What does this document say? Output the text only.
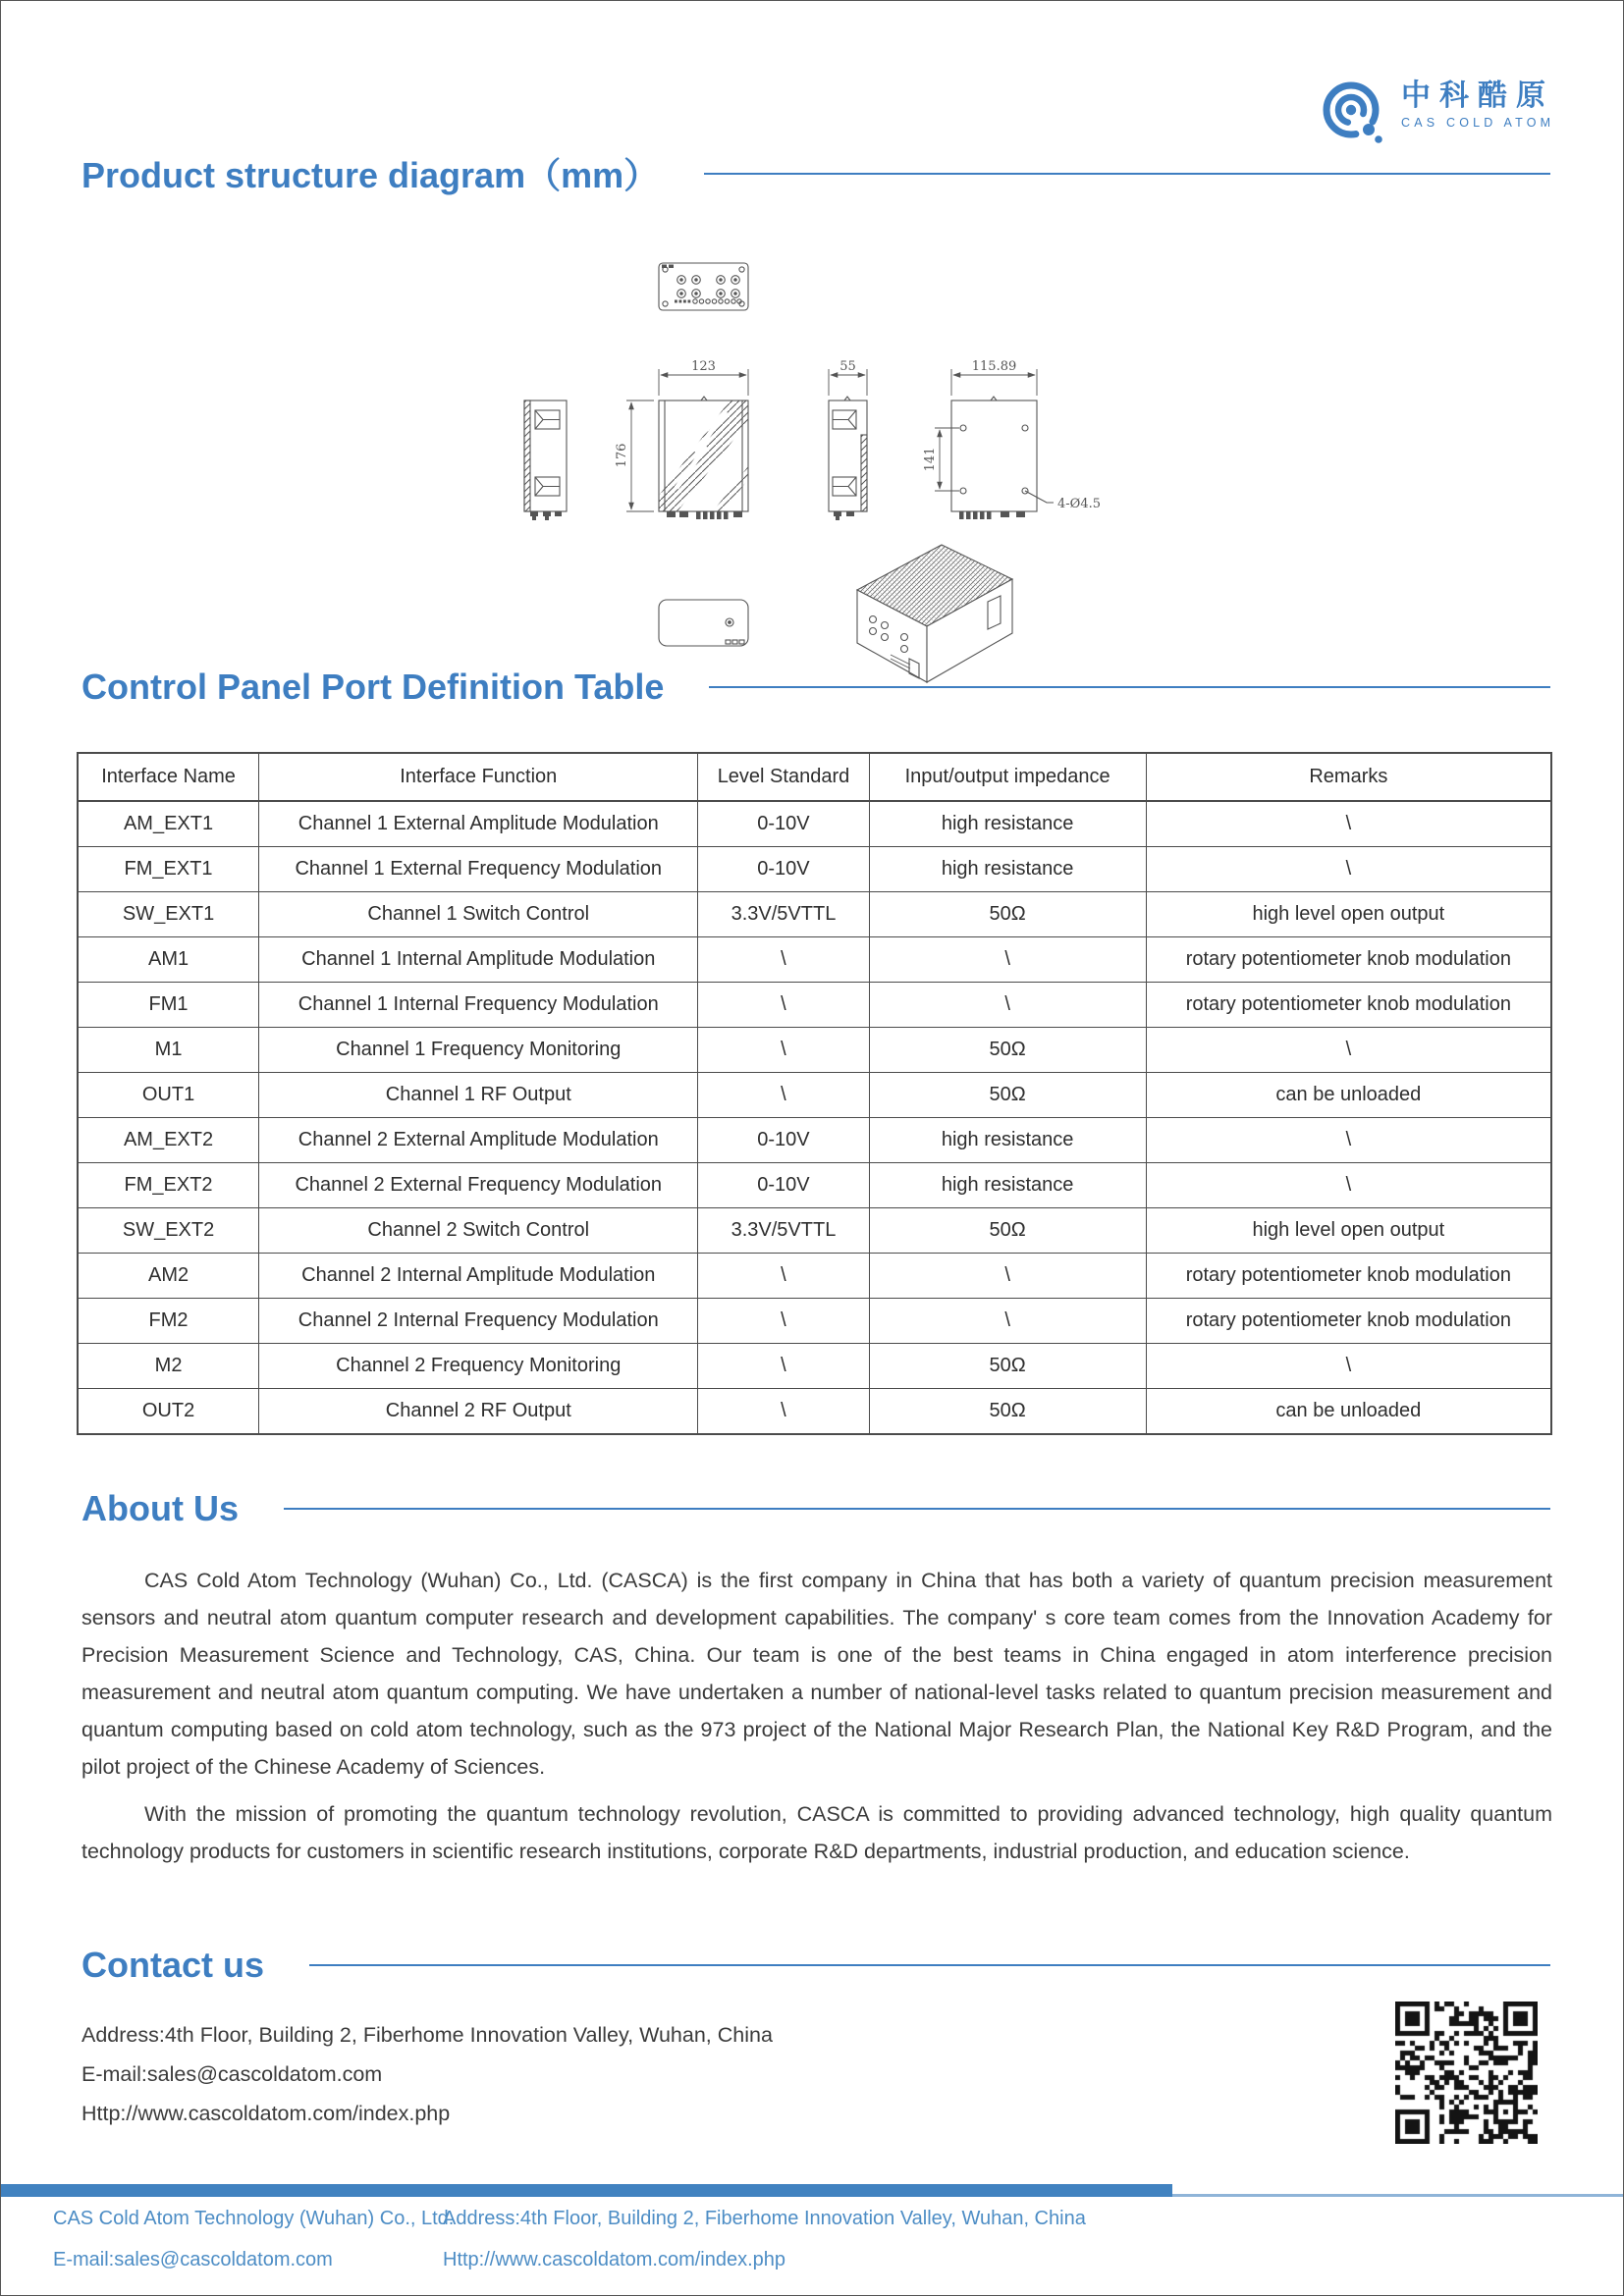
中科酷原
CAS COLD ATOM
Product structure diagram（mm）
123	55	115.89
176	141
4-Ø4.5
Control Panel Port Definition Table
Interface Name	Interface Function	Level Standard	Input/output impedance	Remarks
AM_EXT1	Channel 1 External Amplitude Modulation	0-10V	high resistance	\
FM_EXT1	Channel 1 External Frequency Modulation	0-10V	high resistance	\
SW_EXT1	Channel 1 Switch Control	3.3V/5VTTL	50Ω	high level open output
AM1	Channel 1 Internal Amplitude Modulation	\	\	rotary potentiometer knob modulation
FM1	Channel 1 Internal Frequency Modulation	\	\	rotary potentiometer knob modulation
M1	Channel 1 Frequency Monitoring	\	50Ω	\
OUT1	Channel 1 RF Output	\	50Ω	can be unloaded
AM_EXT2	Channel 2 External Amplitude Modulation	0-10V	high resistance	\
FM_EXT2	Channel 2 External Frequency Modulation	0-10V	high resistance	\
SW_EXT2	Channel 2 Switch Control	3.3V/5VTTL	50Ω	high level open output
AM2	Channel 2 Internal Amplitude Modulation	\	\	rotary potentiometer knob modulation
FM2	Channel 2 Internal Frequency Modulation	\	\	rotary potentiometer knob modulation
M2	Channel 2 Frequency Monitoring	\	50Ω	\
OUT2	Channel 2 RF Output	\	50Ω	can be unloaded
About Us

CAS Cold Atom Technology (Wuhan) Co., Ltd. (CASCA) is the first company in China that has both a variety of quantum precision measurement sensors and neutral atom quantum computer research and development capabilities. The company' s core team comes from the Innovation Academy for Precision Measurement Science and Technology, CAS, China. Our team is one of the best teams in China engaged in atom interference precision measurement and neutral atom quantum computing. We have undertaken a number of national-level tasks related to quantum precision measurement and quantum computing based on cold atom technology, such as the 973 project of the National Major Research Plan, the National Key R&D Program, and the pilot project of the Chinese Academy of Sciences.

With the mission of promoting the quantum technology revolution, CASCA is committed to providing advanced technology, high quality quantum technology products for customers in scientific research institutions, corporate R&D departments, industrial production, and education science.

Contact us
Address:4th Floor, Building 2, Fiberhome Innovation Valley, Wuhan, China
E-mail:sales@cascoldatom.com
Http://www.cascoldatom.com/index.php
CAS Cold Atom Technology (Wuhan) Co., Ltd.
Address:4th Floor, Building 2, Fiberhome Innovation Valley, Wuhan, China
E-mail:sales@cascoldatom.com	Http://www.cascoldatom.com/index.php
